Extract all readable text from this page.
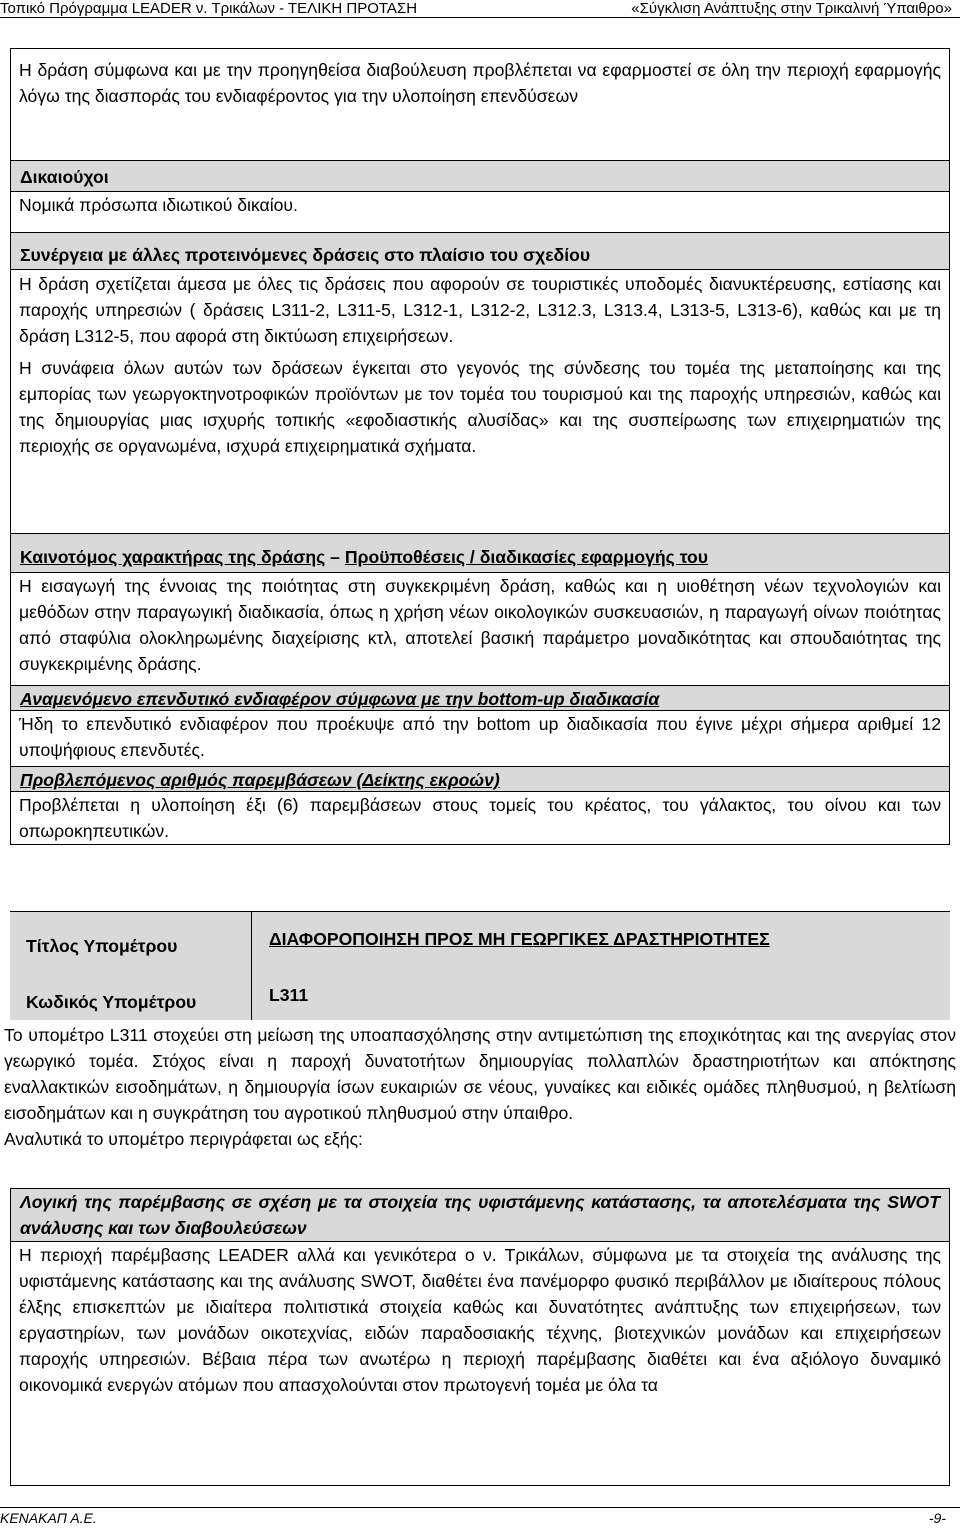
Τοπικό Πρόγραμμα LEADER ν. Τρικάλων - ΤΕΛΙΚΗ ΠΡΟΤΑΣΗ	«Σύγκλιση Ανάπτυξης στην Τρικαλινή Ύπαιθρο»

Η δράση σύμφωνα και με την προηγηθείσα διαβούλευση προβλέπεται να εφαρμοστεί σε όλη την περιοχή εφαρμογής λόγω της διασποράς του ενδιαφέροντος για την υλοποίηση επενδύσεων

Δικαιούχοι

Νομικά πρόσωπα ιδιωτικού δικαίου.

Συνέργεια με άλλες προτεινόμενες δράσεις στο πλαίσιο του σχεδίου

Η δράση σχετίζεται άμεσα με όλες τις δράσεις που αφορούν σε τουριστικές υποδομές διανυκτέρευσης, εστίασης και παροχής υπηρεσιών ( δράσεις L311-2, L311-5, L312-1, L312-2, L312.3, L313.4, L313-5, L313-6), καθώς και με τη δράση L312-5, που αφορά στη δικτύωση επιχειρήσεων.

Η συνάφεια όλων αυτών των δράσεων έγκειται στο γεγονός της σύνδεσης του τομέα της μεταποίησης και της εμπορίας των γεωργοκτηνοτροφικών προϊόντων με τον τομέα του τουρισμού και της παροχής υπηρεσιών, καθώς και της δημιουργίας μιας ισχυρής τοπικής «εφοδιαστικής αλυσίδας» και της συσπείρωσης των επιχειρηματιών της περιοχής σε οργανωμένα, ισχυρά επιχειρηματικά σχήματα.

Καινοτόμος χαρακτήρας της δράσης – Προϋποθέσεις / διαδικασίες εφαρμογής του

Η εισαγωγή της έννοιας της ποιότητας στη συγκεκριμένη δράση, καθώς και η υιοθέτηση νέων τεχνολογιών και μεθόδων στην παραγωγική διαδικασία, όπως η χρήση νέων οικολογικών συσκευασιών, η παραγωγή οίνων ποιότητας από σταφύλια ολοκληρωμένης διαχείρισης κτλ, αποτελεί βασική παράμετρο μοναδικότητας και σπουδαιότητας της συγκεκριμένης δράσης.

Αναμενόμενο επενδυτικό ενδιαφέρον σύμφωνα με την bottom-up διαδικασία

Ήδη το επενδυτικό ενδιαφέρον που προέκυψε από την bottom up διαδικασία που έγινε μέχρι σήμερα αριθμεί 12 υποψήφιους επενδυτές.

Προβλεπόμενος αριθμός παρεμβάσεων (Δείκτης εκροών)

Προβλέπεται η υλοποίηση έξι (6) παρεμβάσεων στους τομείς του κρέατος, του γάλακτος, του οίνου και των οπωροκηπευτικών.

Τίτλος Υπομέτρου	ΔΙΑΦΟΡΟΠΟΙΗΣΗ ΠΡΟΣ ΜΗ ΓΕΩΡΓΙΚΕΣ ΔΡΑΣΤΗΡΙΟΤΗΤΕΣ
Κωδικός Υπομέτρου	L311

Το υπομέτρο L311 στοχεύει στη μείωση της υποαπασχόλησης στην αντιμετώπιση της εποχικότητας και της ανεργίας στον γεωργικό τομέα. Στόχος είναι η παροχή δυνατοτήτων δημιουργίας πολλαπλών δραστηριοτήτων και απόκτησης εναλλακτικών εισοδημάτων, η δημιουργία ίσων ευκαιριών σε νέους, γυναίκες και ειδικές ομάδες πληθυσμού, η βελτίωση εισοδημάτων και η συγκράτηση του αγροτικού πληθυσμού στην ύπαιθρο.

Αναλυτικά το υπομέτρο περιγράφεται ως εξής:

Λογική της παρέμβασης σε σχέση με τα στοιχεία της υφιστάμενης κατάστασης, τα αποτελέσματα της SWOT ανάλυσης και των διαβουλεύσεων

Η περιοχή παρέμβασης LEADER αλλά και γενικότερα ο ν. Τρικάλων, σύμφωνα με τα στοιχεία της ανάλυσης της υφιστάμενης κατάστασης και της ανάλυσης SWOT, διαθέτει ένα πανέμορφο φυσικό περιβάλλον με ιδιαίτερους πόλους έλξης επισκεπτών με ιδιαίτερα πολιτιστικά στοιχεία καθώς και δυνατότητες ανάπτυξης των επιχειρήσεων, των εργαστηρίων, των μονάδων οικοτεχνίας, ειδών παραδοσιακής τέχνης, βιοτεχνικών μονάδων και επιχειρήσεων παροχής υπηρεσιών. Βέβαια πέρα των ανωτέρω η περιοχή παρέμβασης διαθέτει και ένα αξιόλογο δυναμικό οικονομικά ενεργών ατόμων που απασχολούνται στον πρωτογενή τομέα με όλα τα

ΚΕΝΑΚΑΠ Α.Ε.	-9-
